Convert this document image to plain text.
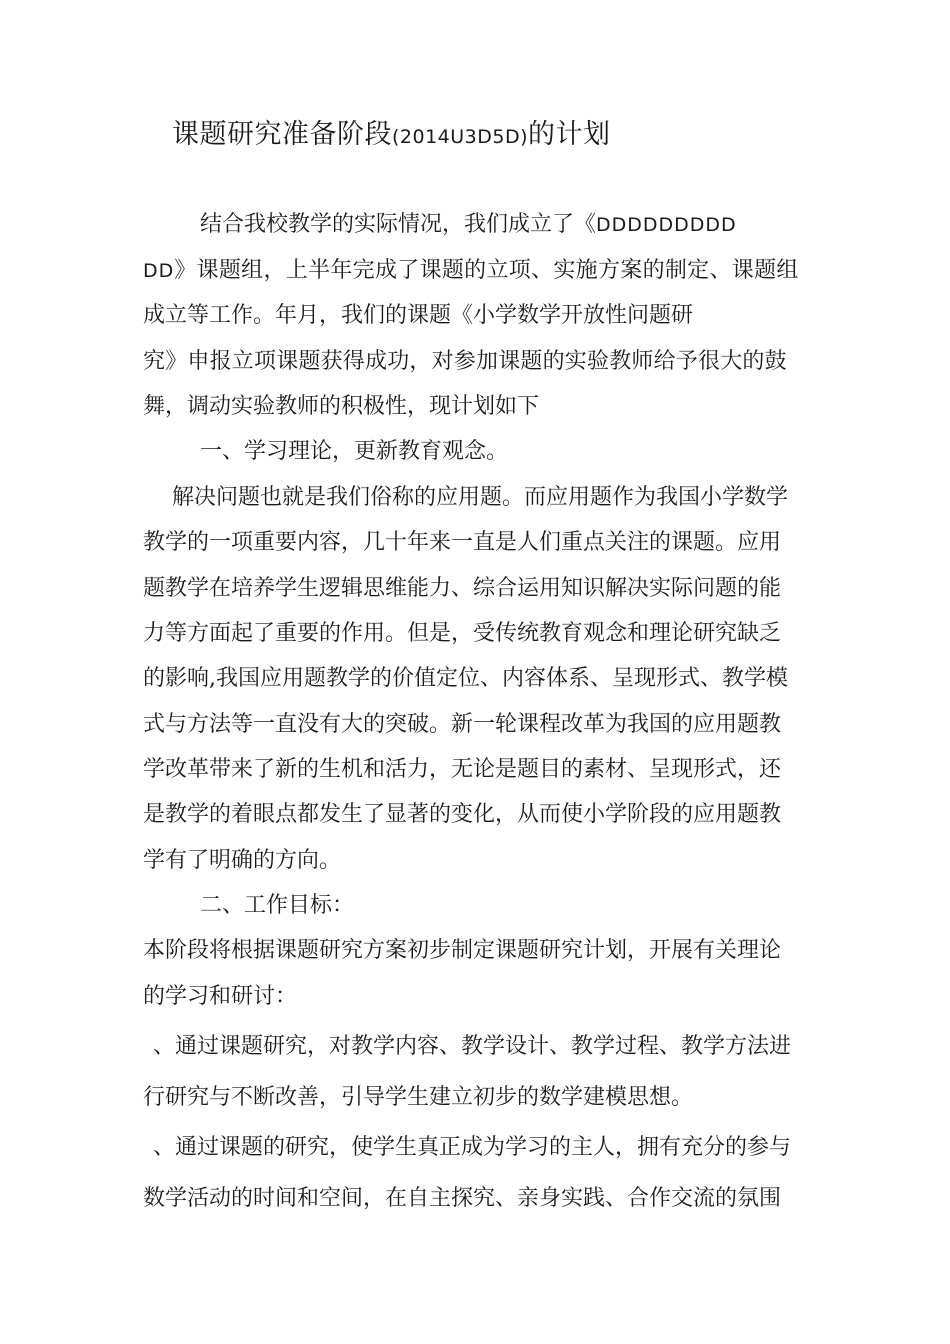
课题研究准备阶段(2014U3D5D)的计划
结合我校教学的实际情况，我们成立了《DDDDDDDDD
DD》课题组，上半年完成了课题的立项、实施方案的制定、课题组
成立等工作。年月，我们的课题《小学数学开放性问题研
究》申报立项课题获得成功，对参加课题的实验教师给予很大的鼓
舞，调动实验教师的积极性，现计划如下
一、学习理论，更新教育观念。
解决问题也就是我们俗称的应用题。而应用题作为我国小学数学
教学的一项重要内容，几十年来一直是人们重点关注的课题。应用
题教学在培养学生逻辑思维能力、综合运用知识解决实际问题的能
力等方面起了重要的作用。但是，受传统教育观念和理论研究缺乏
的影响,我国应用题教学的价值定位、内容体系、呈现形式、教学模
式与方法等一直没有大的突破。新一轮课程改革为我国的应用题教
学改革带来了新的生机和活力，无论是题目的素材、呈现形式，还
是教学的着眼点都发生了显著的变化，从而使小学阶段的应用题教
学有了明确的方向。
二、工作目标：
本阶段将根据课题研究方案初步制定课题研究计划，开展有关理论
的学习和研讨：
、通过课题研究，对教学内容、教学设计、教学过程、教学方法进
行研究与不断改善，引导学生建立初步的数学建模思想。
、通过课题的研究，使学生真正成为学习的主人，拥有充分的参与
数学活动的时间和空间，在自主探究、亲身实践、合作交流的氛围
